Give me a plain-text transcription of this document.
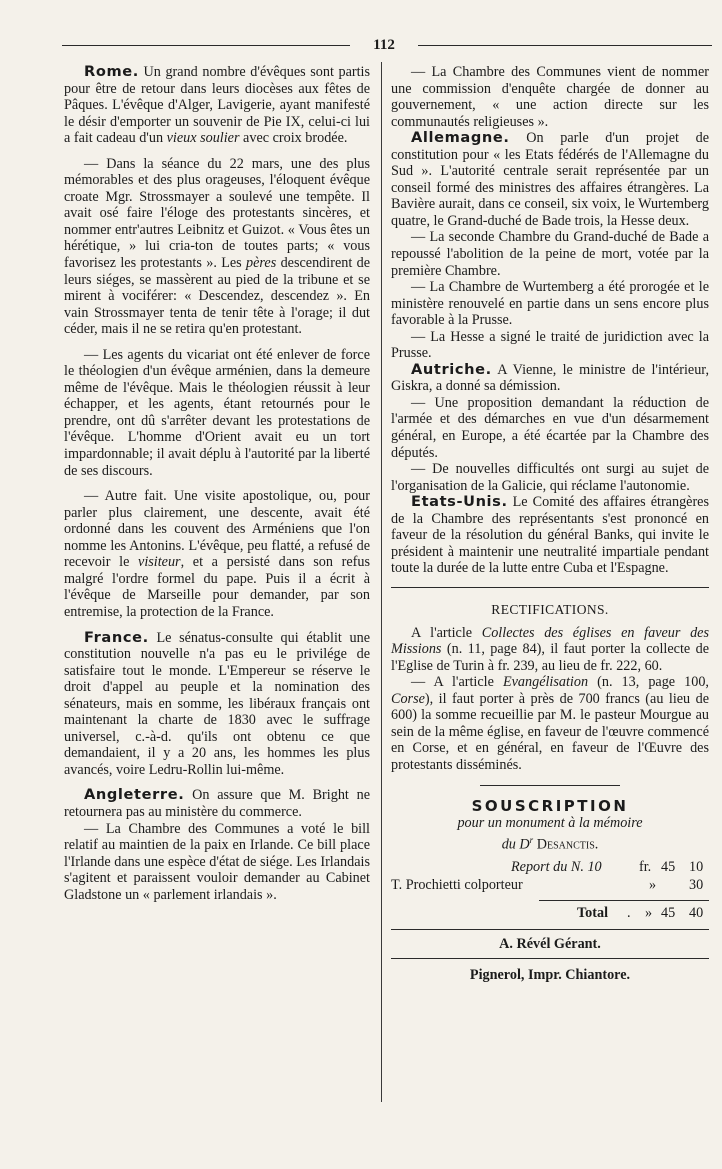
112

Rome. Un grand nombre d'évêques sont partis pour être de retour dans leurs diocèses aux fêtes de Pâques. L'évêque d'Alger, Lavigerie, ayant manifesté le désir d'emporter un souvenir de Pie IX, celui-ci lui a fait cadeau d'un vieux soulier avec croix brodée.

— Dans la séance du 22 mars, une des plus mémorables et des plus orageuses, l'éloquent évêque croate Mgr. Strossmayer a soulevé une tempête. Il avait osé faire l'éloge des protestants sincères, et nommer entr'autres Leibnitz et Guizot. « Vous êtes un hérétique, » lui cria-ton de toutes parts; « vous favorisez les protestants ». Les pères descendirent de leurs siéges, se massèrent au pied de la tribune et se mirent à vociférer: « Descendez, descendez ». En vain Strossmayer tenta de tenir tête à l'orage; il dut céder, mais il ne se retira qu'en protestant.

— Les agents du vicariat ont été enlever de force le théologien d'un évêque arménien, dans la demeure même de l'évêque. Mais le théologien réussit à leur échapper, et les agents, étant retournés pour le prendre, ont dû s'arrêter devant les protestations de l'évêque. L'homme d'Orient avait eu un tort impardonnable; il avait déplu à l'autorité par la liberté de ses discours.

— Autre fait. Une visite apostolique, ou, pour parler plus clairement, une descente, avait été ordonné dans les couvent des Arméniens que l'on nomme les Antonins. L'évêque, peu flatté, a refusé de recevoir le visiteur, et a persisté dans son refus malgré l'ordre formel du pape. Puis il a écrit à l'évêque de Marseille pour demander, par son entremise, la protection de la France.

France. Le sénatus-consulte qui établit une constitution nouvelle n'a pas eu le privilége de satisfaire tout le monde. L'Empereur se réserve le droit d'appel au peuple et la nomination des sénateurs, mais en somme, les libéraux français ont maintenant la charte de 1830 avec le suffrage universel, c.-à-d. qu'ils ont obtenu ce que demandaient, il y a 20 ans, les hommes les plus avancés, voire Ledru-Rollin lui-même.

Angleterre. On assure que M. Bright ne retournera pas au ministère du commerce.

— La Chambre des Communes a voté le bill relatif au maintien de la paix en Irlande. Ce bill place l'Irlande dans une espèce d'état de siége. Les Irlandais s'agitent et paraissent vouloir demander au Cabinet Gladstone un « parlement irlandais ».

— La Chambre des Communes vient de nommer une commission d'enquête chargée de donner au gouvernement, « une action directe sur les communautés religieuses ».

Allemagne. On parle d'un projet de constitution pour « les Etats fédérés de l'Allemagne du Sud ». L'autorité centrale serait représentée par un conseil formé des ministres des affaires étrangères. La Bavière aurait, dans ce conseil, six voix, le Wurtemberg quatre, le Grand-duché de Bade trois, la Hesse deux.

— La seconde Chambre du Grand-duché de Bade a repoussé l'abolition de la peine de mort, votée par la première Chambre.

— La Chambre de Wurtemberg a été prorogée et le ministère renouvelé en partie dans un sens encore plus favorable à la Prusse.

— La Hesse a signé le traité de juridiction avec la Prusse.

Autriche. A Vienne, le ministre de l'intérieur, Giskra, a donné sa démission.

— Une proposition demandant la réduction de l'armée et des démarches en vue d'un désarmement général, en Europe, a été écartée par la Chambre des députés.

— De nouvelles difficultés ont surgi au sujet de l'organisation de la Galicie, qui réclame l'autonomie.

Etats-Unis. Le Comité des affaires étrangères de la Chambre des représentants s'est prononcé en faveur de la résolution du général Banks, qui invite le président à maintenir une neutralité impartiale pendant toute la durée de la lutte entre Cuba et l'Espagne.

RECTIFICATIONS.

A l'article Collectes des églises en faveur des Missions (n. 11, page 84), il faut porter la collecte de l'Eglise de Turin à fr. 239, au lieu de fr. 222, 60.

— A l'article Evangélisation (n. 13, page 100, Corse), il faut porter à près de 700 francs (au lieu de 600) la somme recueillie par M. le pasteur Mourgue au sein de la même église, en faveur de l'œuvre commencé en Corse, et en général, en faveur de l'Œuvre des protestants disséminés.

SOUSCRIPTION

pour un monument à la mémoire

du $D^r$ Desanctis.

Report du N. 10	fr. 45 10
T. Prochietti colporteur	» 30
Total . » 45 40

A. Révél Gérant.

Pignerol, Impr. Chiantore.
